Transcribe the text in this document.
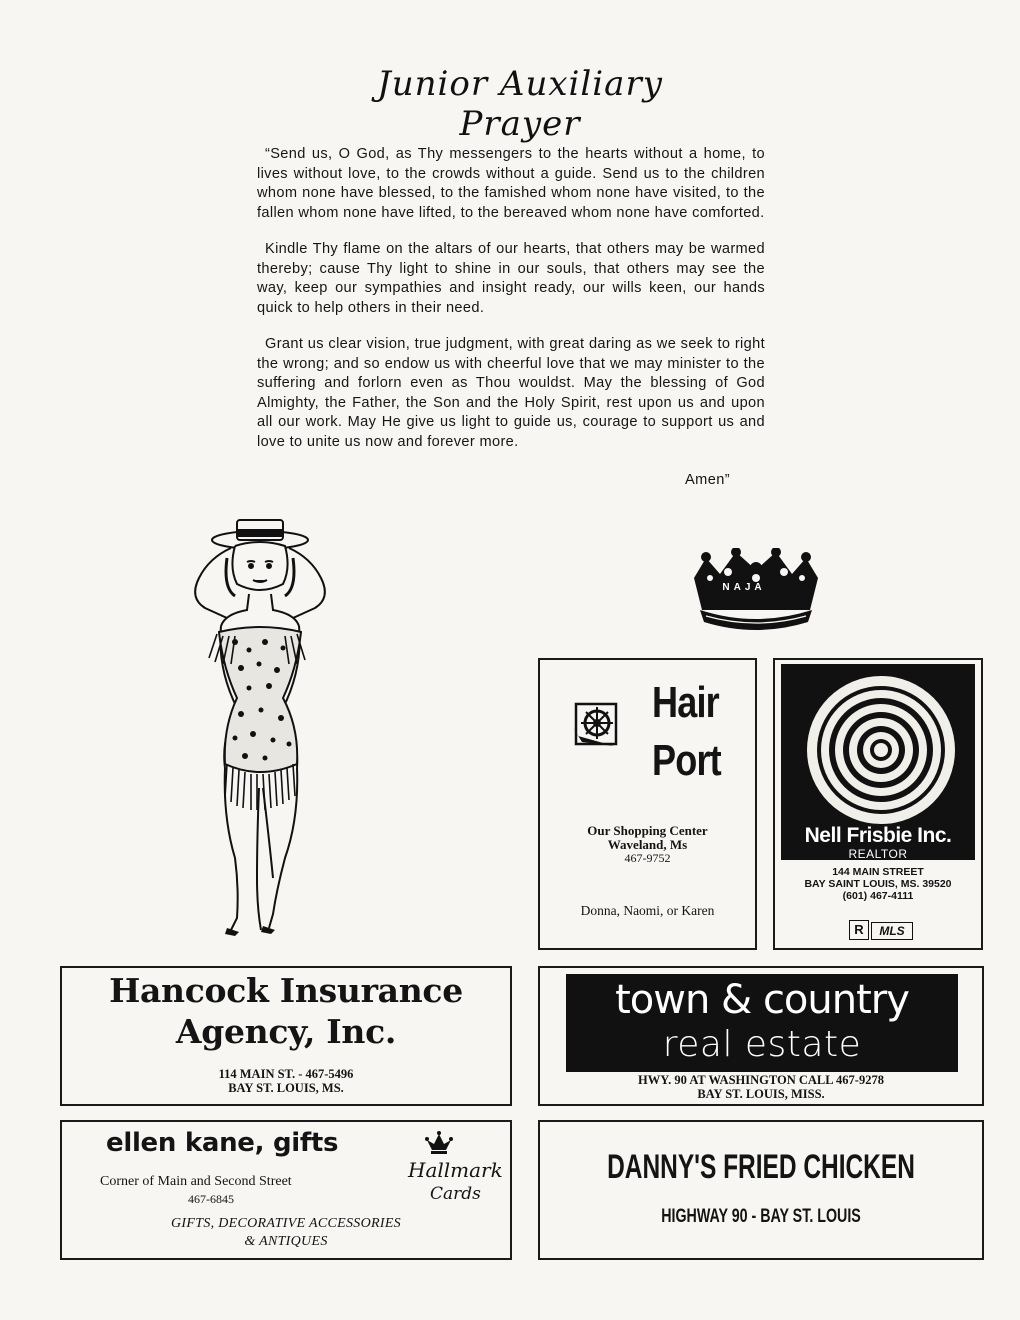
Junior Auxiliary Prayer

“Send us, O God, as Thy messengers to the hearts without a home, to lives without love, to the crowds without a guide. Send us to the children whom none have blessed, to the famished whom none have visited, to the fallen whom none have lifted, to the bereaved whom none have comforted.

Kindle Thy flame on the altars of our hearts, that others may be warmed thereby; cause Thy light to shine in our souls, that others may see the way, keep our sympathies and insight ready, our wills keen, our hands quick to help others in their need.

Grant us clear vision, true judgment, with great daring as we seek to right the wrong; and so endow us with cheerful love that we may minister to the suffering and forlorn even as Thou wouldst. May the blessing of God Almighty, the Father, the Son and the Holy Spirit, rest upon us and upon all our work. May He give us light to guide us, courage to support us and love to unite us now and forever more.

Amen”
NAJA
Hair
Port
Our Shopping Center
Waveland, Ms
467-9752
Donna, Naomi, or Karen
Nell Frisbie Inc.
REALTOR
144 MAIN STREET
BAY SAINT LOUIS, MS. 39520
(601) 467-4111
R	MLS
Hancock Insurance
Agency, Inc.
114 MAIN ST. - 467-5496
BAY ST. LOUIS, MS.
town & country
real estate
HWY. 90 AT WASHINGTON CALL 467-9278
BAY ST. LOUIS, MISS.
ellen kane, gifts
Corner of Main and Second Street
467-6845
Hallmark
Cards
GIFTS, DECORATIVE ACCESSORIES
& ANTIQUES
DANNY'S FRIED CHICKEN
HIGHWAY 90 - BAY ST. LOUIS
